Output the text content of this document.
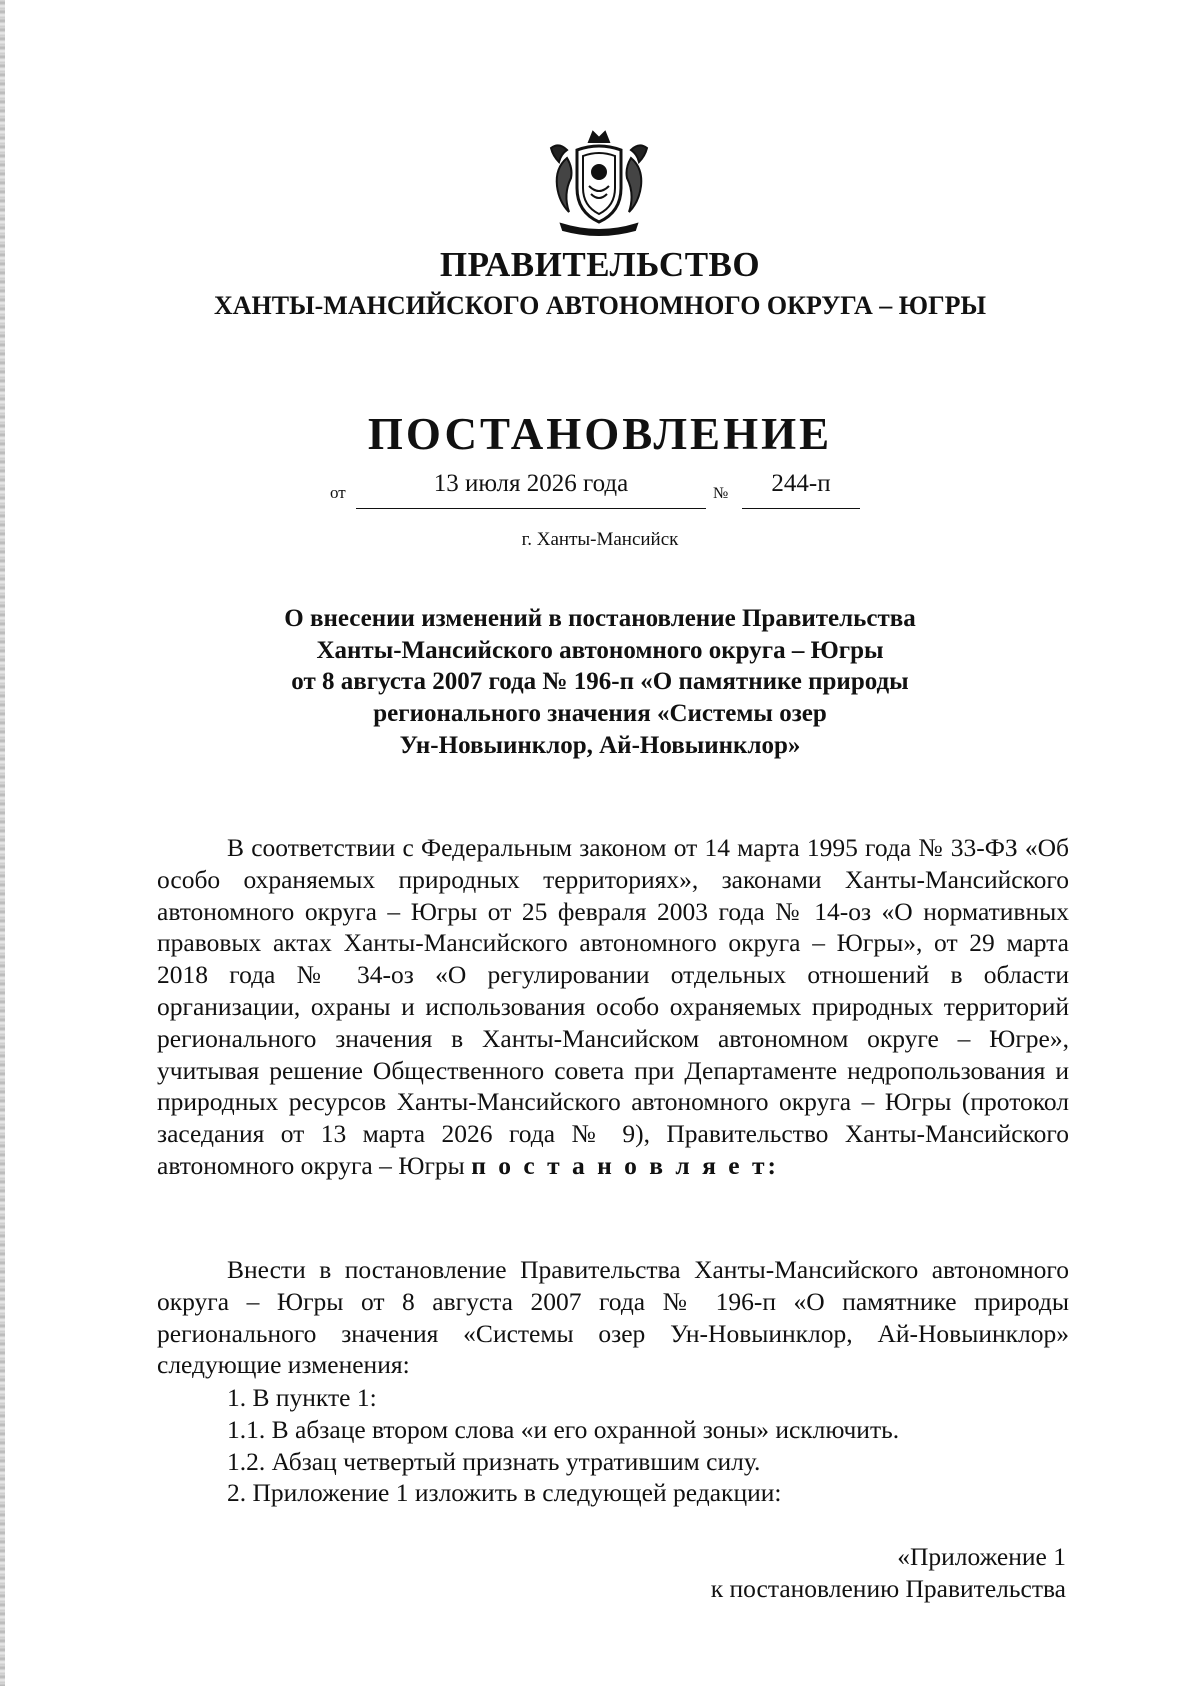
ПРАВИТЕЛЬСТВО
ХАНТЫ-МАНСИЙСКОГО АВТОНОМНОГО ОКРУГА – ЮГРЫ
ПОСТАНОВЛЕНИЕ
от	13 июля 2026 года	№	244-п
г. Ханты-Мансийск
О внесении изменений в постановление Правительства
Ханты-Мансийского автономного округа – Югры
от 8 августа 2007 года № 196-п «О памятнике природы
регионального значения «Системы озер
Ун-Новыинклор, Ай-Новыинклор»
В соответствии с Федеральным законом от 14 марта 1995 года № 33-ФЗ «Об особо охраняемых природных территориях», законами Ханты-Мансийского автономного округа – Югры от 25 февраля 2003 года № 14-оз «О нормативных правовых актах Ханты-Мансийского автономного округа – Югры», от 29 марта 2018 года № 34-оз «О регулировании отдельных отношений в области организации, охраны и использования особо охраняемых природных территорий регионального значения в Ханты-Мансийском автономном округе – Югре», учитывая решение Общественного совета при Департаменте недропользования и природных ресурсов Ханты-Мансийского автономного округа – Югры (протокол заседания от 13 марта 2026 года № 9), Правительство Ханты-Мансийского автономного округа – Югры п о с т а н о в л я е т:
Внести в постановление Правительства Ханты-Мансийского автономного округа – Югры от 8 августа 2007 года № 196-п «О памятнике природы регионального значения «Системы озер Ун-Новыинклор, Ай-Новыинклор» следующие изменения:
1. В пункте 1:
1.1. В абзаце втором слова «и его охранной зоны» исключить.
1.2. Абзац четвертый признать утратившим силу.
2. Приложение 1 изложить в следующей редакции:
«Приложение 1
к постановлению Правительства
